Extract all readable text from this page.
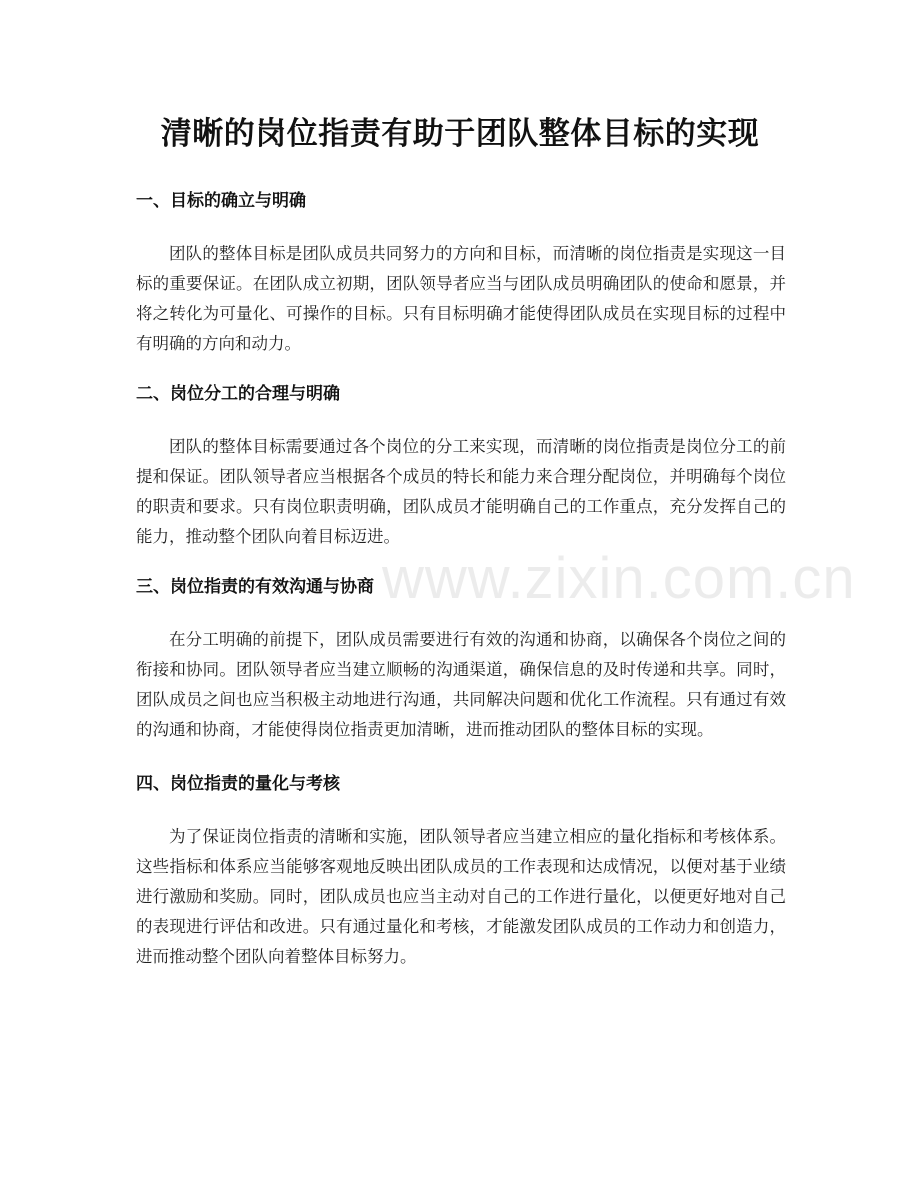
清晰的岗位指责有助于团队整体目标的实现
一、目标的确立与明确

团队的整体目标是团队成员共同努力的方向和目标，而清晰的岗位指责是实现这一目标的重要保证。在团队成立初期，团队领导者应当与团队成员明确团队的使命和愿景，并将之转化为可量化、可操作的目标。只有目标明确才能使得团队成员在实现目标的过程中有明确的方向和动力。

二、岗位分工的合理与明确

团队的整体目标需要通过各个岗位的分工来实现，而清晰的岗位指责是岗位分工的前提和保证。团队领导者应当根据各个成员的特长和能力来合理分配岗位，并明确每个岗位的职责和要求。只有岗位职责明确，团队成员才能明确自己的工作重点，充分发挥自己的能力，推动整个团队向着目标迈进。

三、岗位指责的有效沟通与协商

在分工明确的前提下，团队成员需要进行有效的沟通和协商，以确保各个岗位之间的衔接和协同。团队领导者应当建立顺畅的沟通渠道，确保信息的及时传递和共享。同时，团队成员之间也应当积极主动地进行沟通，共同解决问题和优化工作流程。只有通过有效的沟通和协商，才能使得岗位指责更加清晰，进而推动团队的整体目标的实现。

四、岗位指责的量化与考核

为了保证岗位指责的清晰和实施，团队领导者应当建立相应的量化指标和考核体系。这些指标和体系应当能够客观地反映出团队成员的工作表现和达成情况，以便对基于业绩进行激励和奖励。同时，团队成员也应当主动对自己的工作进行量化，以便更好地对自己的表现进行评估和改进。只有通过量化和考核，才能激发团队成员的工作动力和创造力，进而推动整个团队向着整体目标努力。

www.zixin.com.cn
